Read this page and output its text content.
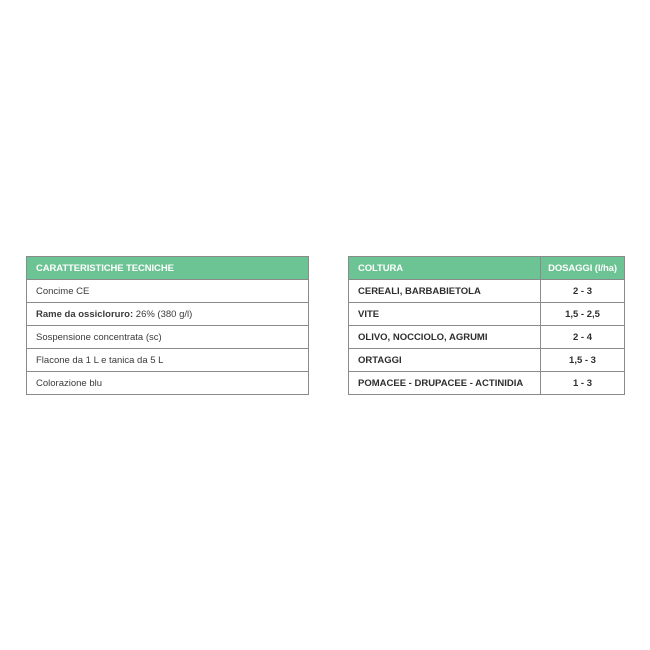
CARATTERISTICHE TECNICHE
Concime CE
Rame da ossicloruro: 26% (380 g/l)
Sospensione concentrata (sc)
Flacone da 1 L e tanica da 5 L
Colorazione blu
COLTURA	DOSAGGI (l/ha)
CEREALI, BARBABIETOLA	2 - 3
VITE	1,5 - 2,5
OLIVO, NOCCIOLO, AGRUMI	2 - 4
ORTAGGI	1,5 - 3
POMACEE - DRUPACEE - ACTINIDIA	1 - 3
